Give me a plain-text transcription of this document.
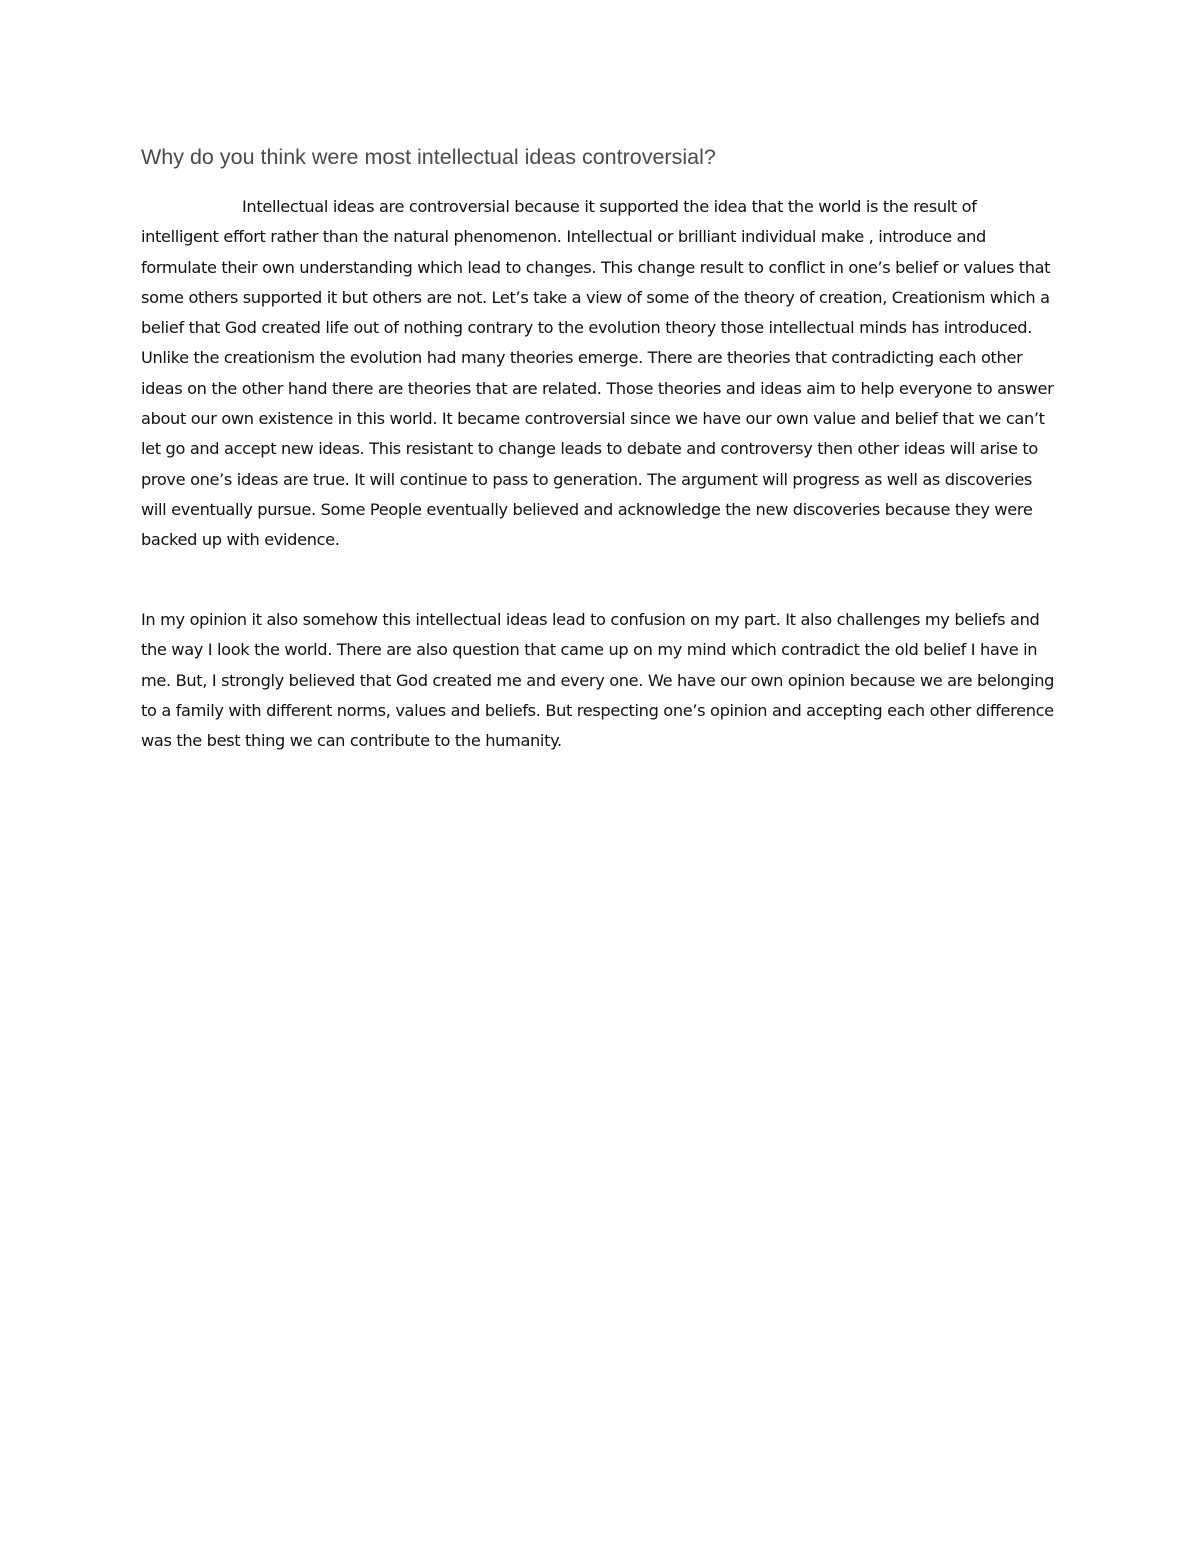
Why do you think were most intellectual ideas controversial?

Intellectual ideas are controversial because it supported the idea that the world is the result of intelligent effort rather than the natural phenomenon. Intellectual or brilliant individual make , introduce and formulate their own understanding which lead to changes. This change result to conflict in one’s belief or values that some others supported it but others are not. Let’s take a view of some of the theory of creation, Creationism which a belief that God created life out of nothing contrary to the evolution theory those intellectual minds has introduced. Unlike the creationism the evolution had many theories emerge. There are theories that contradicting each other ideas on the other hand there are theories that are related. Those theories and ideas aim to help everyone to answer about our own existence in this world. It became controversial since we have our own value and belief that we can’t let go and accept new ideas. This resistant to change leads to debate and controversy then other ideas will arise to prove one’s ideas are true. It will continue to pass to generation. The argument will progress as well as discoveries will eventually pursue. Some People eventually believed and acknowledge the new discoveries because they were backed up with evidence.

In my opinion it also somehow this intellectual ideas lead to confusion on my part. It also challenges my beliefs and the way I look the world. There are also question that came up on my mind which contradict the old belief I have in me. But, I strongly believed that God created me and every one. We have our own opinion because we are belonging to a family with different norms, values and beliefs. But respecting one’s opinion and accepting each other difference was the best thing we can contribute to the humanity.
